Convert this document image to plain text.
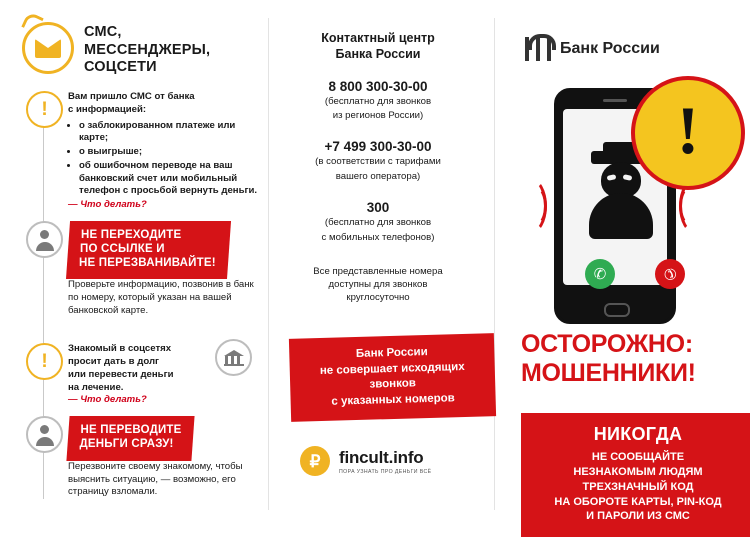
СМС,
МЕССЕНДЖЕРЫ,
СОЦСЕТИ
!

Вам пришло СМС от банка

с информацией:

• о заблокированном платеже или карте;
• о выигрыше;
• об ошибочном переводе на ваш банковский счет или мобильный телефон с просьбой вернуть деньги.

— Что делать?

НЕ ПЕРЕХОДИТЕ
ПО ССЫЛКЕ И
НЕ ПЕРЕЗВАНИВАЙТЕ!

Проверьте информацию, позвонив в банк по номеру, который указан на вашей банковской карте.

!

Знакомый в соцсетях

просит дать в долг

или перевести деньги

на лечение.

— Что делать?

НЕ ПЕРЕВОДИТЕ
ДЕНЬГИ СРАЗУ!

Перезвоните своему знакомому, чтобы выяснить ситуацию, — возможно, его страницу взломали.

Контактный центр
Банка России
8 800 300-30-00
(бесплатно для звонков
из регионов России)
+7 499 300-30-00
(в соответствии с тарифами
вашего оператора)
300
(бесплатно для звонков
с мобильных телефонов)
Все представленные номера
доступны для звонков
круглосуточно
Банк России
не совершает исходящих
звонков
с указанных номеров
₽ fincult.info
ПОРА УЗНАТЬ ПРО ДЕНЬГИ ВСЁ
Банк России
✆	✆
!
ОСТОРОЖНО:
МОШЕННИКИ!
НИКОГДА
НЕ СООБЩАЙТЕ
НЕЗНАКОМЫМ ЛЮДЯМ
ТРЕХЗНАЧНЫЙ КОД
НА ОБОРОТЕ КАРТЫ, PIN-КОД
И ПАРОЛИ ИЗ СМС
